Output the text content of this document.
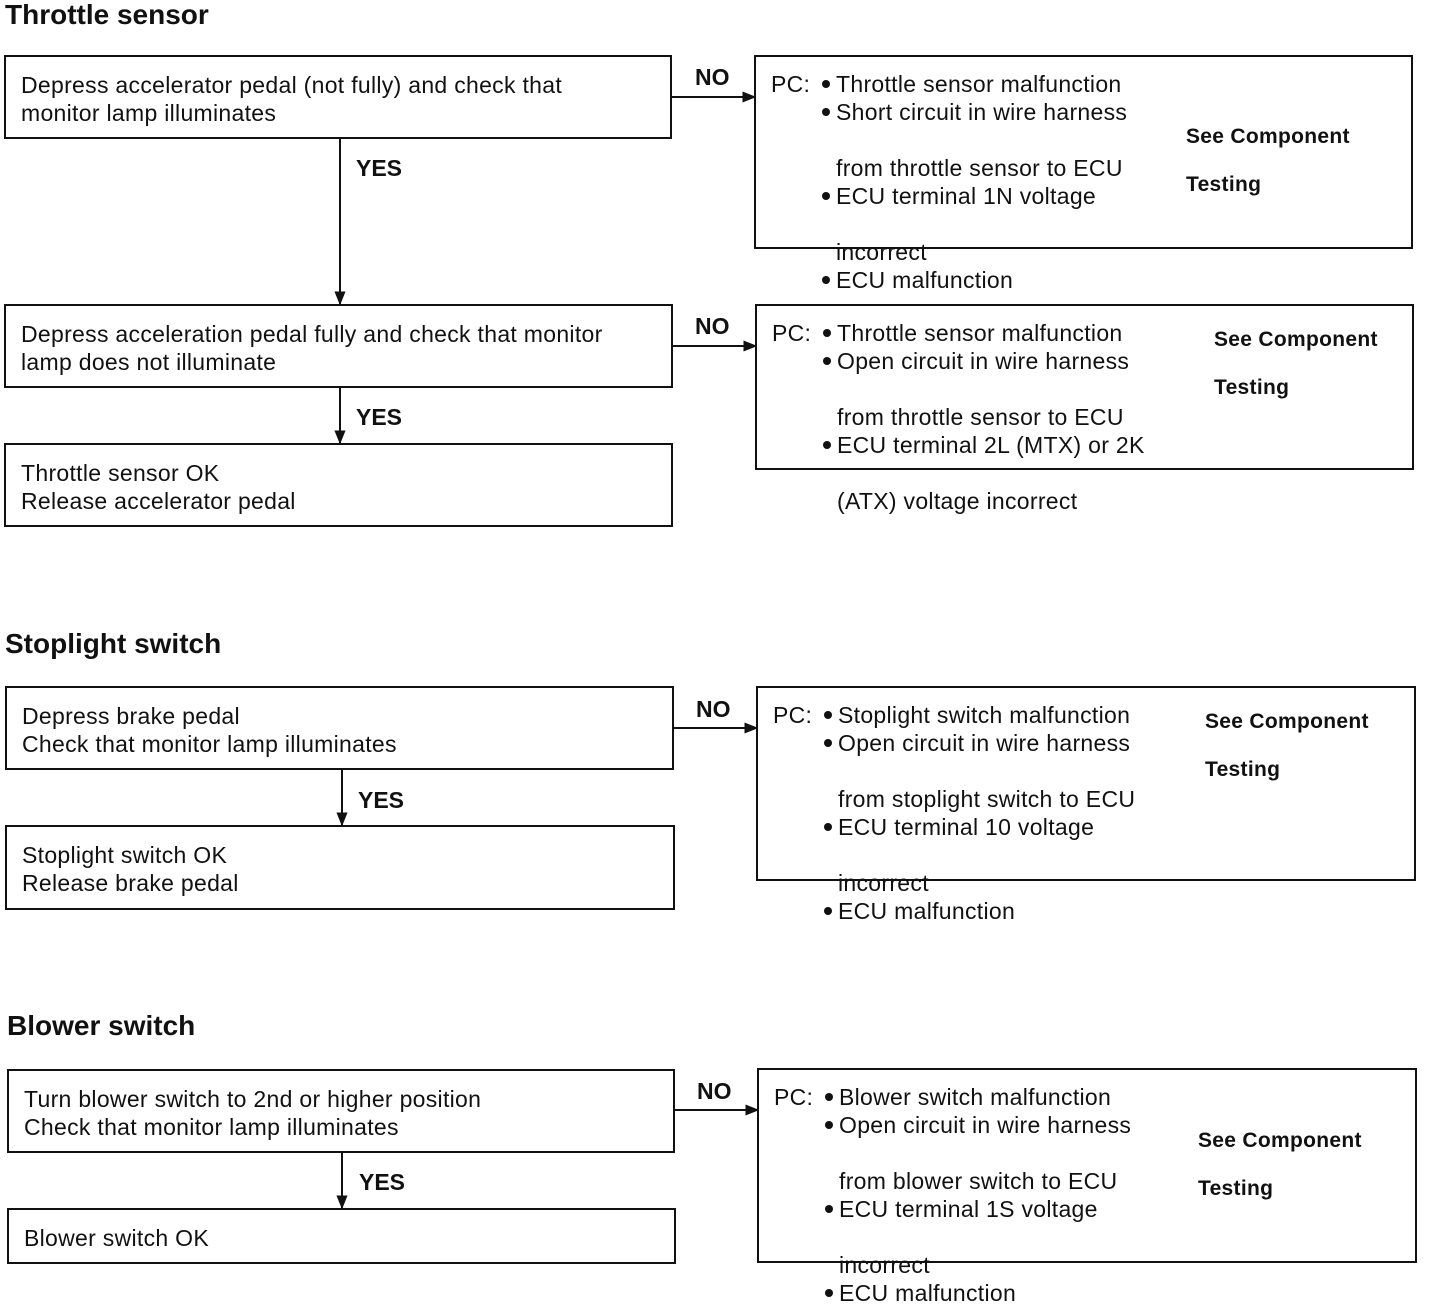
Throttle sensor
Depress accelerator pedal (not fully) and check that
monitor lamp illuminates
NO
YES
PC: Throttle sensor malfunction
Short circuit in wire harness

from throttle sensor to ECU
ECU terminal 1N voltage

incorrect
ECU malfunction
See Component

Testing
Depress acceleration pedal fully and check that monitor
lamp does not illuminate
NO
YES
PC: Throttle sensor malfunction
Open circuit in wire harness

from throttle sensor to ECU
ECU terminal 2L (MTX) or 2K

(ATX) voltage incorrect
See Component

Testing
Throttle sensor OK
Release accelerator pedal
Stoplight switch
Depress brake pedal
Check that monitor lamp illuminates
NO
YES
PC: Stoplight switch malfunction
Open circuit in wire harness

from stoplight switch to ECU
ECU terminal 10 voltage

incorrect
ECU malfunction
See Component

Testing
Stoplight switch OK
Release brake pedal
Blower switch
Turn blower switch to 2nd or higher position
Check that monitor lamp illuminates
NO
YES
PC: Blower switch malfunction
Open circuit in wire harness

from blower switch to ECU
ECU terminal 1S voltage

incorrect
ECU malfunction
See Component

Testing
Blower switch OK
